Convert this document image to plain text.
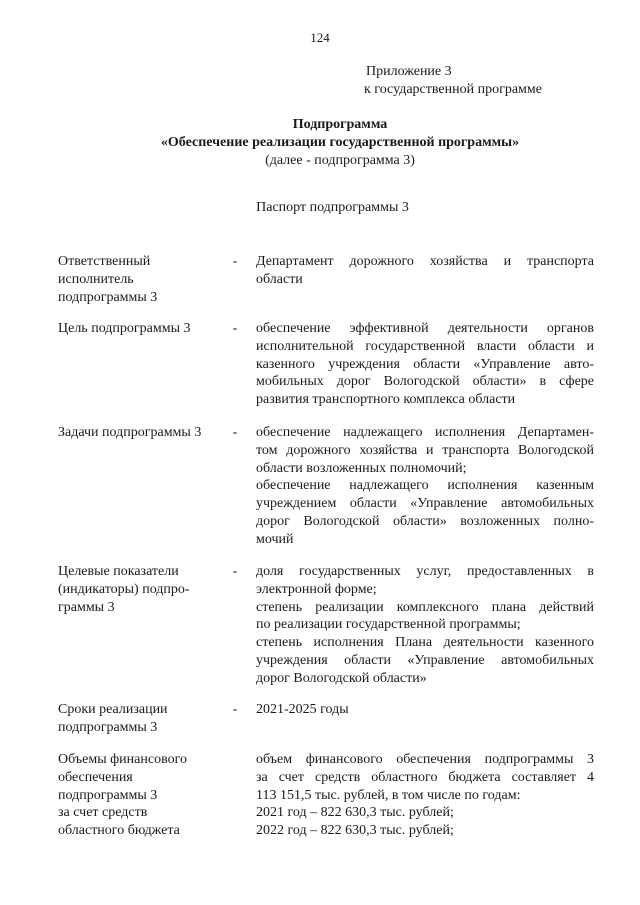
124
Приложение 3
к государственной программе
Подпрограмма
«Обеспечение реализации государственной программы»
(далее - подпрограмма 3)
Паспорт подпрограммы 3
Ответственный
исполнитель
подпрограммы 3
- Департамент дорожного хозяйства и транспорта
области
Цель подпрограммы 3	- обеспечение эффективной деятельности органов
исполнительной государственной власти области и
казенного учреждения области «Управление авто-
мобильных дорог Вологодской области» в сфере
развития транспортного комплекса области
Задачи подпрограммы 3	- обеспечение надлежащего исполнения Департамен-
том дорожного хозяйства и транспорта Вологодской
области возложенных полномочий;
обеспечение надлежащего исполнения казенным
учреждением области «Управление автомобильных
дорог Вологодской области» возложенных полно-
мочий
Целевые показатели
(индикаторы) подпро-
граммы 3
- доля государственных услуг, предоставленных в
электронной форме;
степень реализации комплексного плана действий
по реализации государственной программы;
степень исполнения Плана деятельности казенного
учреждения области «Управление автомобильных
дорог Вологодской области»
Сроки реализации
подпрограммы 3
- 2021-2025 годы
Объемы финансового
обеспечения
подпрограммы 3
за счет средств
областного бюджета
объем финансового обеспечения подпрограммы 3
за счет средств областного бюджета составляет 4
113 151,5 тыс. рублей, в том числе по годам:
2021 год – 822 630,3 тыс. рублей;
2022 год – 822 630,3 тыс. рублей;
